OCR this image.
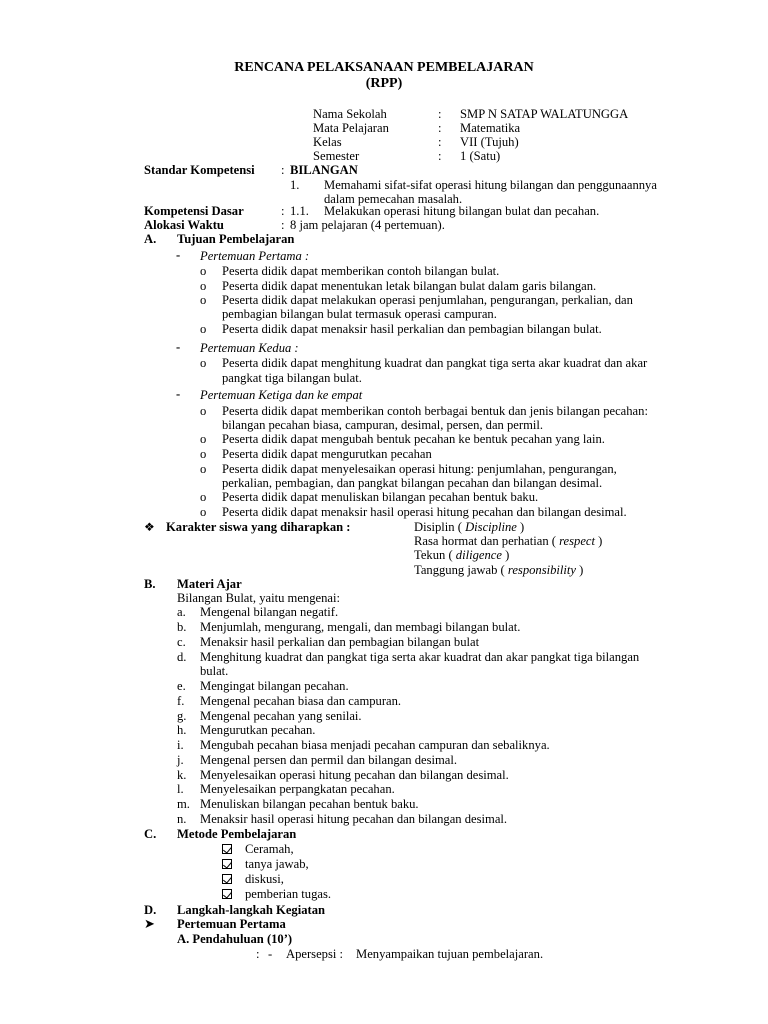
RENCANA PELAKSANAAN PEMBELAJARAN
(RPP)
Nama Sekolah	: SMP N SATAP WALATUNGGA
Mata Pelajaran	: Matematika
Kelas	: VII (Tujuh)
Semester	: 1 (Satu)
Standar Kompetensi : BILANGAN
1. Memahami sifat-sifat operasi hitung bilangan dan penggunaannya
dalam pemecahan masalah.
Kompetensi Dasar	: 1.1. Melakukan operasi hitung bilangan bulat dan pecahan.
Alokasi Waktu	: 8 jam pelajaran (4 pertemuan).
A. Tujuan Pembelajaran
- Pertemuan Pertama :
o Peserta didik dapat memberikan contoh bilangan bulat.
o Peserta didik dapat menentukan letak bilangan bulat dalam garis bilangan.
o Peserta didik dapat melakukan operasi penjumlahan, pengurangan, perkalian, dan
pembagian bilangan bulat termasuk operasi campuran.
o Peserta didik dapat menaksir hasil perkalian dan pembagian bilangan bulat.
- Pertemuan Kedua :
o Peserta didik dapat menghitung kuadrat dan pangkat tiga serta akar kuadrat dan akar
pangkat tiga bilangan bulat.
- Pertemuan Ketiga dan ke empat
o Peserta didik dapat memberikan contoh berbagai bentuk dan jenis bilangan pecahan:
bilangan pecahan biasa, campuran, desimal, persen, dan permil.
o Peserta didik dapat mengubah bentuk pecahan ke bentuk pecahan yang lain.
o Peserta didik dapat mengurutkan pecahan
o Peserta didik dapat menyelesaikan operasi hitung: penjumlahan, pengurangan,
perkalian, pembagian, dan pangkat bilangan pecahan dan bilangan desimal.
o Peserta didik dapat menuliskan bilangan pecahan bentuk baku.
o Peserta didik dapat menaksir hasil operasi hitung pecahan dan bilangan desimal.
❖ Karakter siswa yang diharapkan :	Disiplin ( Discipline )
Rasa hormat dan perhatian ( respect )
Tekun ( diligence )
Tanggung jawab ( responsibility )
B. Materi Ajar
Bilangan Bulat, yaitu mengenai:
a. Mengenal bilangan negatif.
b. Menjumlah, mengurang, mengali, dan membagi bilangan bulat.
c. Menaksir hasil perkalian dan pembagian bilangan bulat
d. Menghitung kuadrat dan pangkat tiga serta akar kuadrat dan akar pangkat tiga bilangan
bulat.
e. Mengingat bilangan pecahan.
f. Mengenal pecahan biasa dan campuran.
g. Mengenal pecahan yang senilai.
h. Mengurutkan pecahan.
i. Mengubah pecahan biasa menjadi pecahan campuran dan sebaliknya.
j. Mengenal persen dan permil dan bilangan desimal.
k. Menyelesaikan operasi hitung pecahan dan bilangan desimal.
l. Menyelesaikan perpangkatan pecahan.
m. Menuliskan bilangan pecahan bentuk baku.
n. Menaksir hasil operasi hitung pecahan dan bilangan desimal.
C. Metode Pembelajaran
Ceramah,
tanya jawab,
diskusi,
pemberian tugas.
D. Langkah-langkah Kegiatan
➤ Pertemuan Pertama
A. Pendahuluan (10’)
: - Apersepsi : Menyampaikan tujuan pembelajaran.
